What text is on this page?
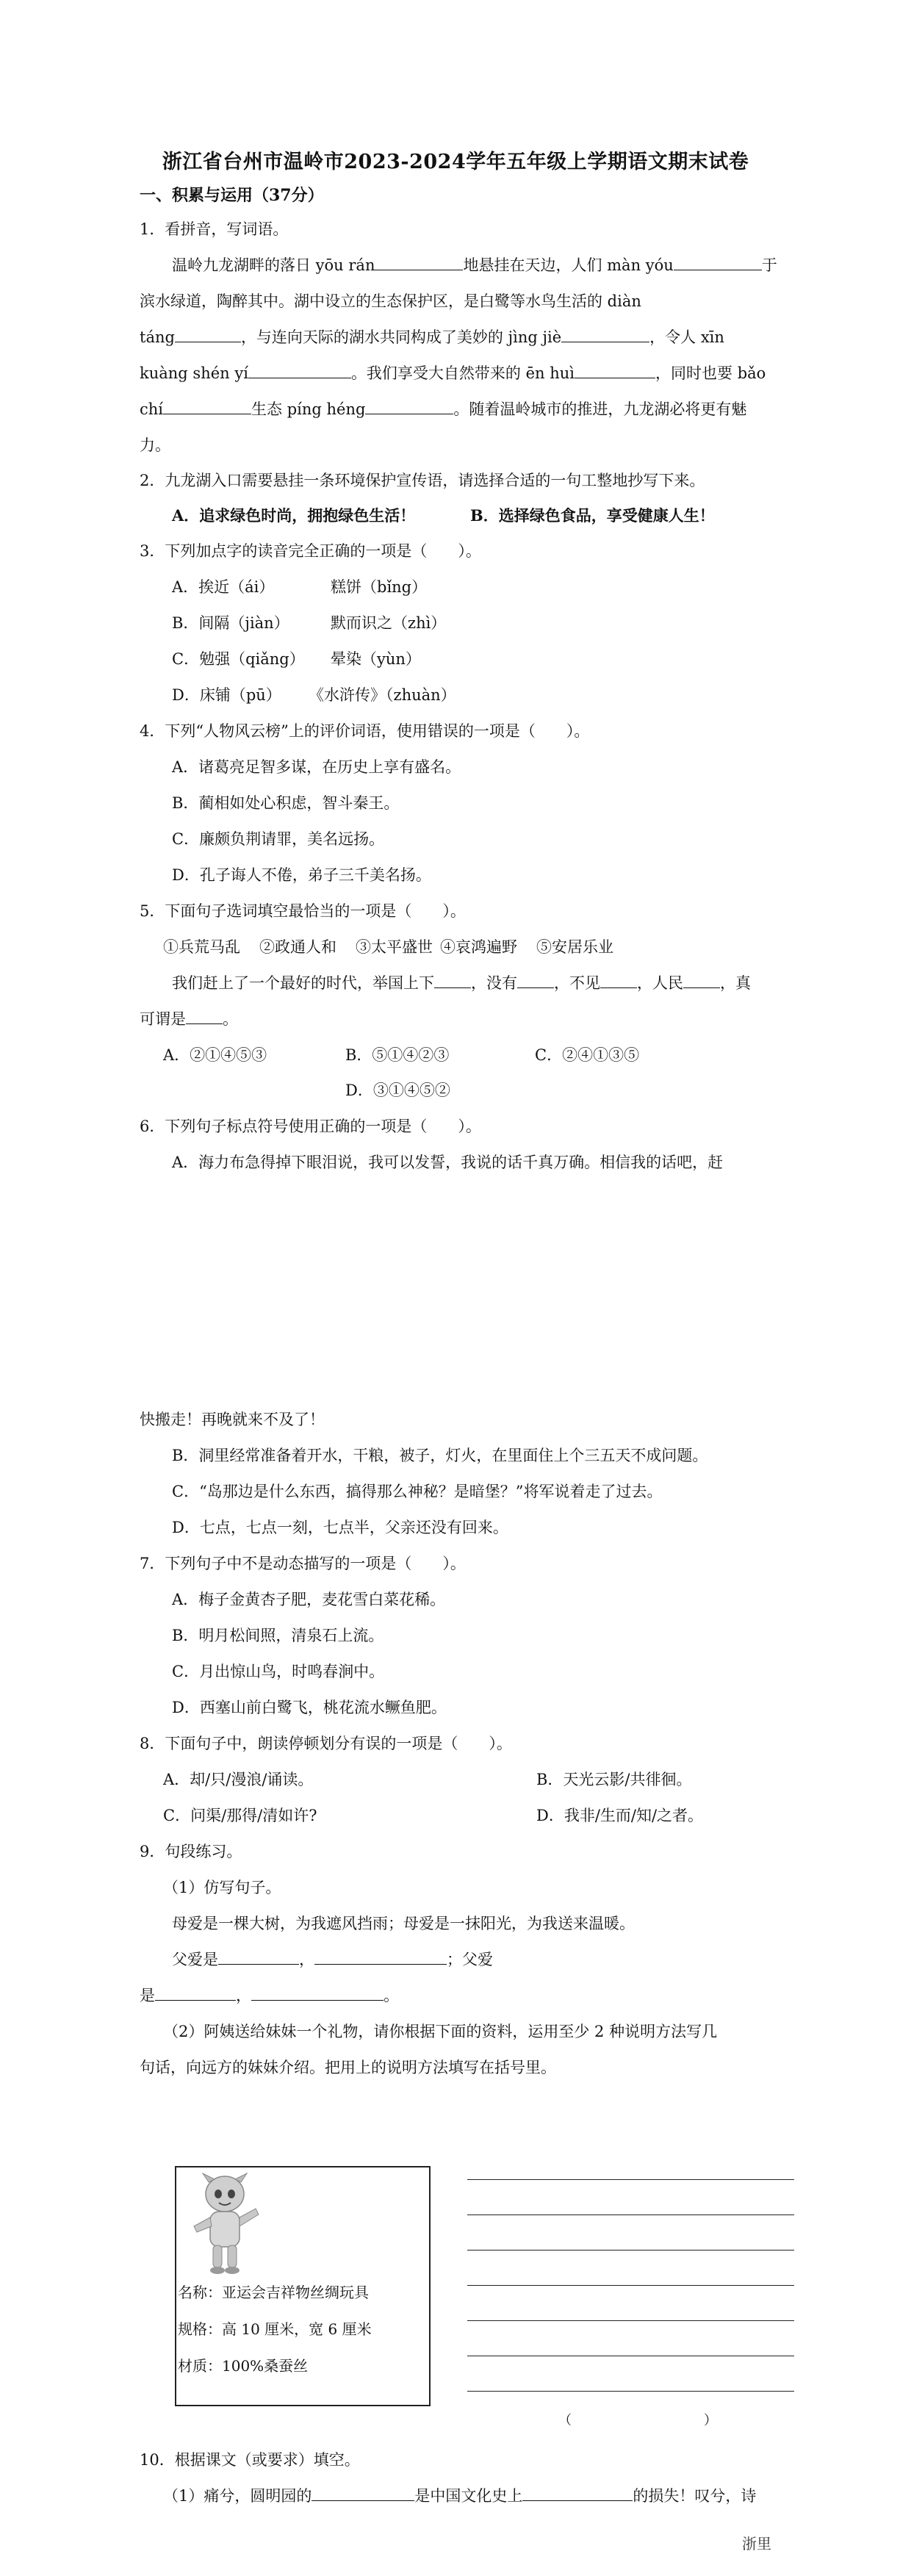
浙江省台州市温岭市2023-2024学年五年级上学期语文期末试卷
一、积累与运用（37分）
1．看拼音，写词语。
温岭九龙湖畔的落日 yōu rán	地悬挂在天边，人们 màn yóu	于
滨水绿道，陶醉其中。湖中设立的生态保护区，是白鹭等水鸟生活的 diàn
táng	，与连向天际的湖水共同构成了美妙的 jìng jiè	，令人 xīn
kuàng shén yí	。我们享受大自然带来的 ēn huì	，同时也要 bǎo
chí	生态 píng héng	。随着温岭城市的推进，九龙湖必将更有魅
力。
2．九龙湖入口需要悬挂一条环境保护宣传语，请选择合适的一句工整地抄写下来。
A．追求绿色时尚，拥抱绿色生活！	B．选择绿色食品，享受健康人生！
3．下列加点字的读音完全正确的一项是（　　）。
A．挨近（ái）	糕饼（bǐng）
B．间隔（jiàn）	默而识之（zhì）
C．勉强（qiǎng） 晕染（yùn）
D．床铺（pū） 《水浒传》（zhuàn）
4．下列“人物风云榜”上的评价词语，使用错误的一项是（　　）。
A．诸葛亮足智多谋，在历史上享有盛名。
B．蔺相如处心积虑，智斗秦王。
C．廉颇负荆请罪，美名远扬。
D．孔子诲人不倦，弟子三千美名扬。
5．下面句子选词填空最恰当的一项是（　　）。
①兵荒马乱 ②政通人和 ③太平盛世 ④哀鸿遍野 ⑤安居乐业
我们赶上了一个最好的时代，举国上下 ，没有 ，不见 ，人民 ，真
可谓是 。
A．②①④⑤③	B．⑤①④②③	C．②④①③⑤
D．③①④⑤②
6．下列句子标点符号使用正确的一项是（　　）。
A．海力布急得掉下眼泪说，我可以发誓，我说的话千真万确。相信我的话吧，赶
快搬走！再晚就来不及了！
B．洞里经常准备着开水，干粮，被子，灯火，在里面住上个三五天不成问题。
C．“岛那边是什么东西，搞得那么神秘？是暗堡？”将军说着走了过去。
D．七点，七点一刻，七点半，父亲还没有回来。
7．下列句子中不是动态描写的一项是（　　）。
A．梅子金黄杏子肥，麦花雪白菜花稀。
B．明月松间照，清泉石上流。
C．月出惊山鸟，时鸣春涧中。
D．西塞山前白鹭飞，桃花流水鳜鱼肥。
8．下面句子中，朗读停顿划分有误的一项是（　　）。
A．却/只/漫浪/诵读。	B．天光云影/共徘徊。
C．问渠/那得/清如许?	D．我非/生而/知/之者。
9．句段练习。
（1）仿写句子。
母爱是一棵大树，为我遮风挡雨；母爱是一抹阳光，为我送来温暖。
父爱是	，	；父爱
是	，	。
（2）阿姨送给妹妹一个礼物，请你根据下面的资料，运用至少 2 种说明方法写几
句话，向远方的妹妹介绍。把用上的说明方法填写在括号里。
名称：亚运会吉祥物丝绸玩具
规格：高 10 厘米，宽 6 厘米
材质：100%桑蚕丝
（　　　　　　　　　　）
10．根据课文（或要求）填空。
（1）痛兮，圆明园的	是中国文化史上	的损失！叹兮，诗
浙里
